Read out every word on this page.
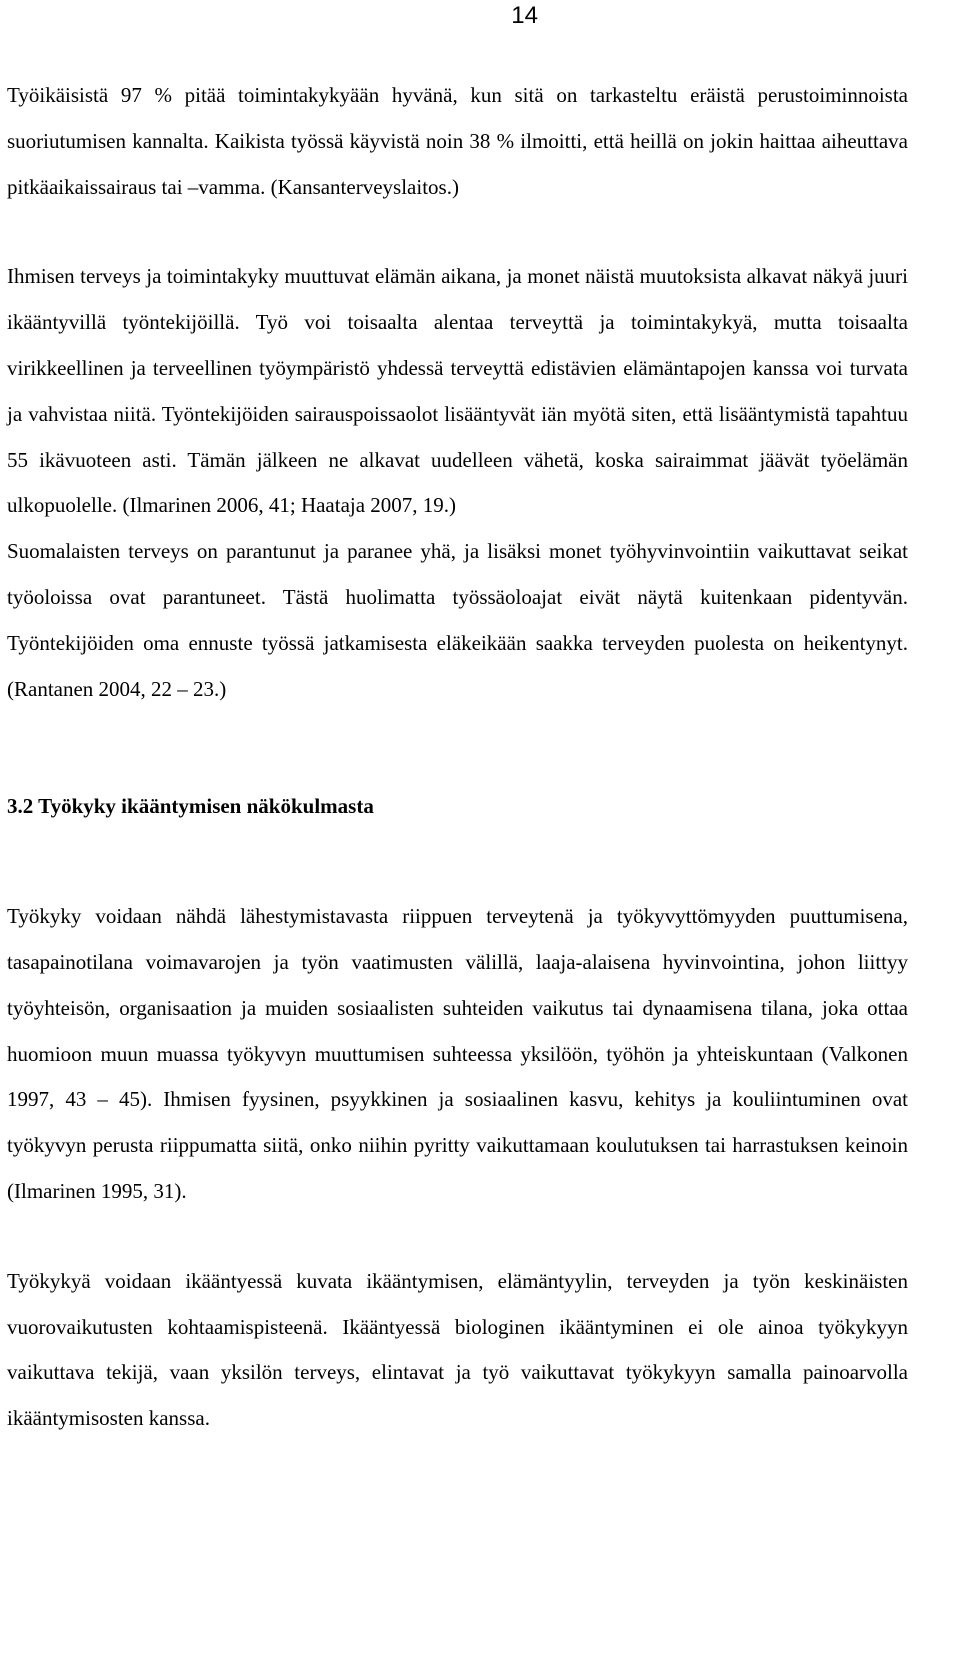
14

Työikäisistä 97 % pitää toimintakykyään hyvänä, kun sitä on tarkasteltu eräistä perustoiminnoista suoriutumisen kannalta. Kaikista työssä käyvistä noin 38 % ilmoitti, että heillä on jokin haittaa aiheuttava pitkäaikaissairaus tai –vamma. (Kansanterveyslaitos.)

Ihmisen terveys ja toimintakyky muuttuvat elämän aikana, ja monet näistä muutoksista alkavat näkyä juuri ikääntyvillä työntekijöillä. Työ voi toisaalta alentaa terveyttä ja toimintakykyä, mutta toisaalta virikkeellinen ja terveellinen työympäristö yhdessä terveyttä edistävien elämäntapojen kanssa voi turvata ja vahvistaa niitä. Työntekijöiden sairauspoissaolot lisääntyvät iän myötä siten, että lisääntymistä tapahtuu 55 ikävuoteen asti. Tämän jälkeen ne alkavat uudelleen vähetä, koska sairaimmat jäävät työelämän ulkopuolelle. (Ilmarinen 2006, 41; Haataja 2007, 19.)

Suomalaisten terveys on parantunut ja paranee yhä, ja lisäksi monet työhyvinvointiin vaikuttavat seikat työoloissa ovat parantuneet. Tästä huolimatta työssäoloajat eivät näytä kuitenkaan pidentyvän. Työntekijöiden oma ennuste työssä jatkamisesta eläkeikään saakka terveyden puolesta on heikentynyt. (Rantanen 2004, 22 – 23.)

3.2 Työkyky ikääntymisen näkökulmasta

Työkyky voidaan nähdä lähestymistavasta riippuen terveytenä ja työkyvyttömyyden puuttumisena, tasapainotilana voimavarojen ja työn vaatimusten välillä, laaja-alaisena hyvinvointina, johon liittyy työyhteisön, organisaation ja muiden sosiaalisten suhteiden vaikutus tai dynaamisena tilana, joka ottaa huomioon muun muassa työkyvyn muuttumisen suhteessa yksilöön, työhön ja yhteiskuntaan (Valkonen 1997, 43 – 45). Ihmisen fyysinen, psyykkinen ja sosiaalinen kasvu, kehitys ja kouliintuminen ovat työkyvyn perusta riippumatta siitä, onko niihin pyritty vaikuttamaan koulutuksen tai harrastuksen keinoin (Ilmarinen 1995, 31).

Työkykyä voidaan ikääntyessä kuvata ikääntymisen, elämäntyylin, terveyden ja työn keskinäisten vuorovaikutusten kohtaamispisteenä. Ikääntyessä biologinen ikääntyminen ei ole ainoa työkykyyn vaikuttava tekijä, vaan yksilön terveys, elintavat ja työ vaikuttavat työkykyyn samalla painoarvolla ikääntymisosten kanssa.
